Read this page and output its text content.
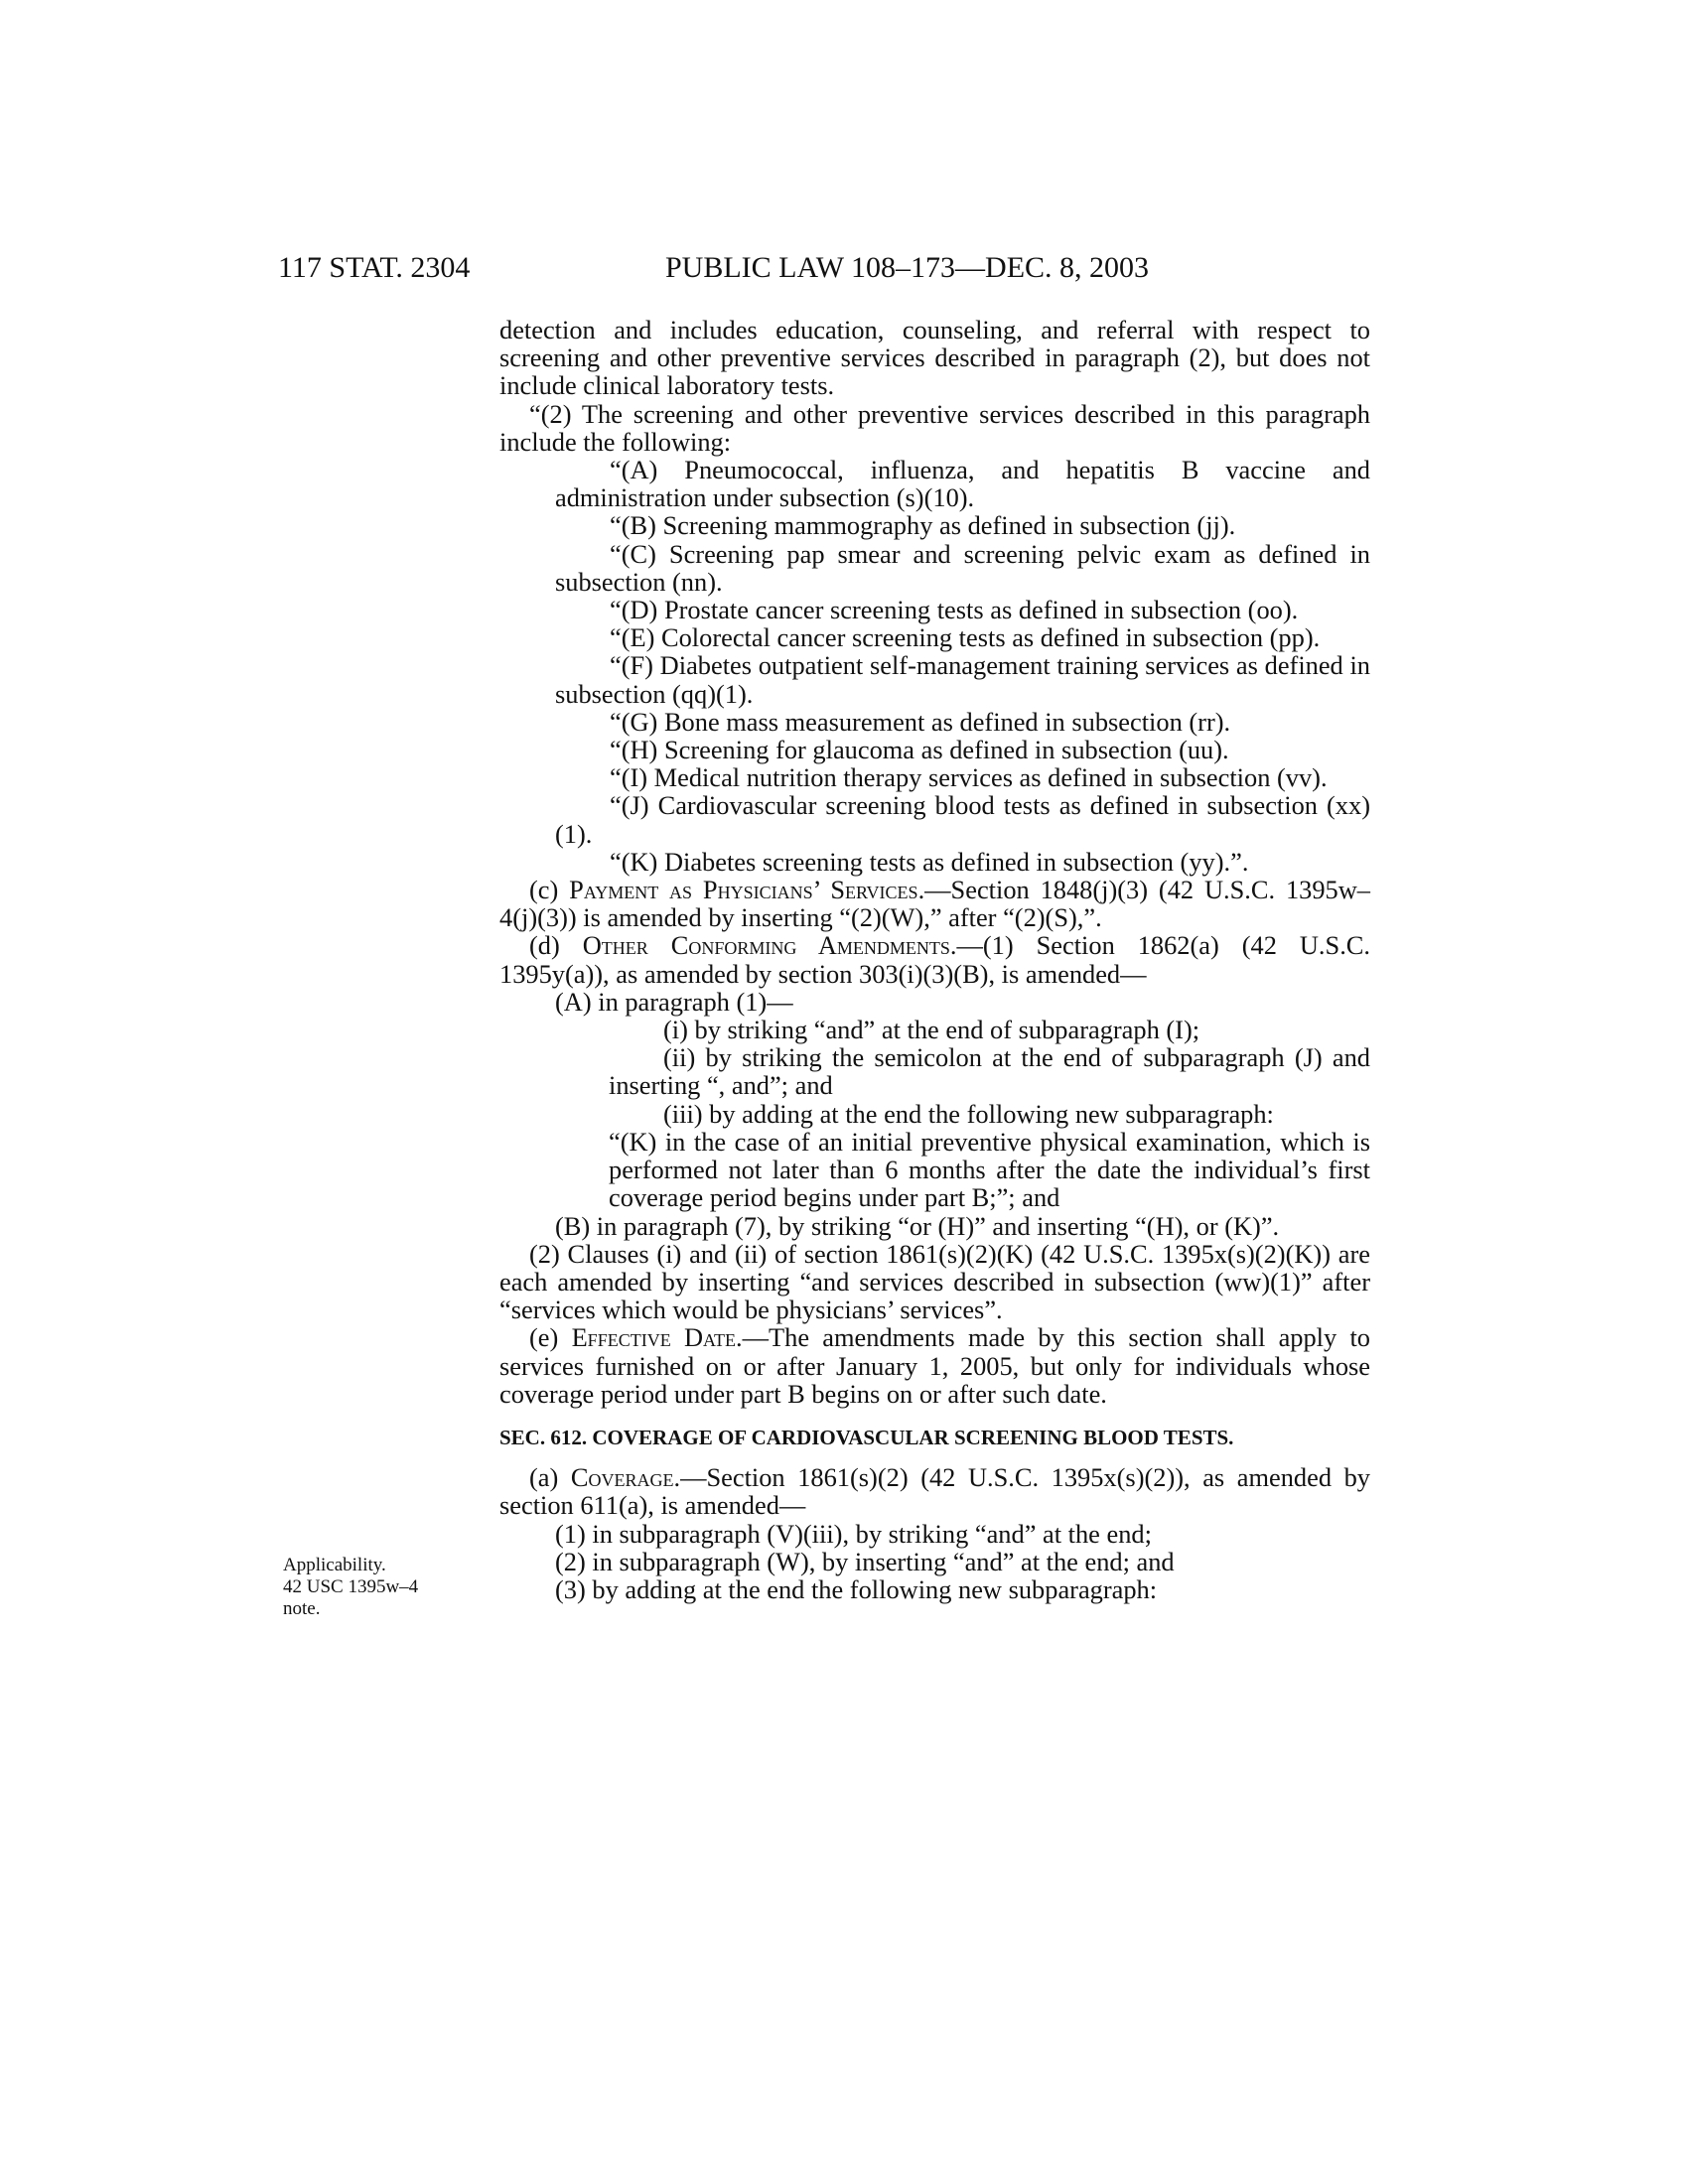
117 STAT. 2304	PUBLIC LAW 108–173—DEC. 8, 2003
Applicability.
42 USC 1395w–4
note.

detection and includes education, counseling, and referral with respect to screening and other preventive services described in paragraph (2), but does not include clinical laboratory tests.

“(2) The screening and other preventive services described in this paragraph include the following:

“(A) Pneumococcal, influenza, and hepatitis B vaccine and administration under subsection (s)(10).

“(B) Screening mammography as defined in subsection (jj).

“(C) Screening pap smear and screening pelvic exam as defined in subsection (nn).

“(D) Prostate cancer screening tests as defined in subsection (oo).

“(E) Colorectal cancer screening tests as defined in subsection (pp).

“(F) Diabetes outpatient self-management training services as defined in subsection (qq)(1).

“(G) Bone mass measurement as defined in subsection (rr).

“(H) Screening for glaucoma as defined in subsection (uu).

“(I) Medical nutrition therapy services as defined in subsection (vv).

“(J) Cardiovascular screening blood tests as defined in subsection (xx)(1).

“(K) Diabetes screening tests as defined in subsection (yy).”.

(c) Payment as Physicians’ Services.—Section 1848(j)(3) (42 U.S.C. 1395w–4(j)(3)) is amended by inserting “(2)(W),” after “(2)(S),”.

(d) Other Conforming Amendments.—(1) Section 1862(a) (42 U.S.C. 1395y(a)), as amended by section 303(i)(3)(B), is amended—

(A) in paragraph (1)—

(i) by striking “and” at the end of subparagraph (I);

(ii) by striking the semicolon at the end of subparagraph (J) and inserting “, and”; and

(iii) by adding at the end the following new subparagraph:

“(K) in the case of an initial preventive physical examination, which is performed not later than 6 months after the date the individual’s first coverage period begins under part B;”; and

(B) in paragraph (7), by striking “or (H)” and inserting “(H), or (K)”.

(2) Clauses (i) and (ii) of section 1861(s)(2)(K) (42 U.S.C. 1395x(s)(2)(K)) are each amended by inserting “and services described in subsection (ww)(1)” after “services which would be physicians’ services”.

(e) Effective Date.—The amendments made by this section shall apply to services furnished on or after January 1, 2005, but only for individuals whose coverage period under part B begins on or after such date.

SEC. 612. COVERAGE OF CARDIOVASCULAR SCREENING BLOOD TESTS.

(a) Coverage.—Section 1861(s)(2) (42 U.S.C. 1395x(s)(2)), as amended by section 611(a), is amended—

(1) in subparagraph (V)(iii), by striking “and” at the end;

(2) in subparagraph (W), by inserting “and” at the end; and

(3) by adding at the end the following new subparagraph:
